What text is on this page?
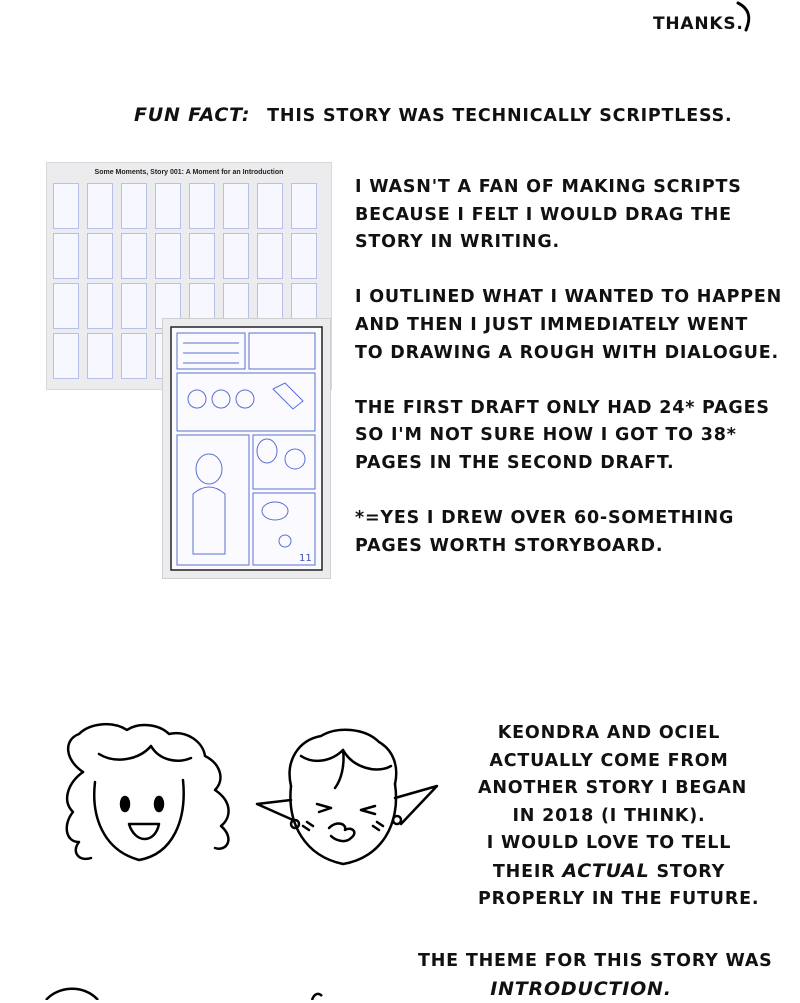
THANKS.
FUN FACT: THIS STORY WAS TECHNICALLY SCRIPTLESS.
Some Moments, Story 001: A Moment for an Introduction
11
I WASN'T A FAN OF MAKING SCRIPTS
BECAUSE I FELT I WOULD DRAG THE
STORY IN WRITING.
I OUTLINED WHAT I WANTED TO HAPPEN
AND THEN I JUST IMMEDIATELY WENT
TO DRAWING A ROUGH WITH DIALOGUE.
THE FIRST DRAFT ONLY HAD 24* PAGES
SO I'M NOT SURE HOW I GOT TO 38*
PAGES IN THE SECOND DRAFT.
*=YES I DREW OVER 60-SOMETHING
PAGES WORTH STORYBOARD.
KEONDRA AND OCIEL
ACTUALLY COME FROM
ANOTHER STORY I BEGAN
IN 2018 (I THINK).
I WOULD LOVE TO TELL
THEIR ACTUAL STORY
PROPERLY IN THE FUTURE.
THE THEME FOR THIS STORY WAS
INTRODUCTION.
